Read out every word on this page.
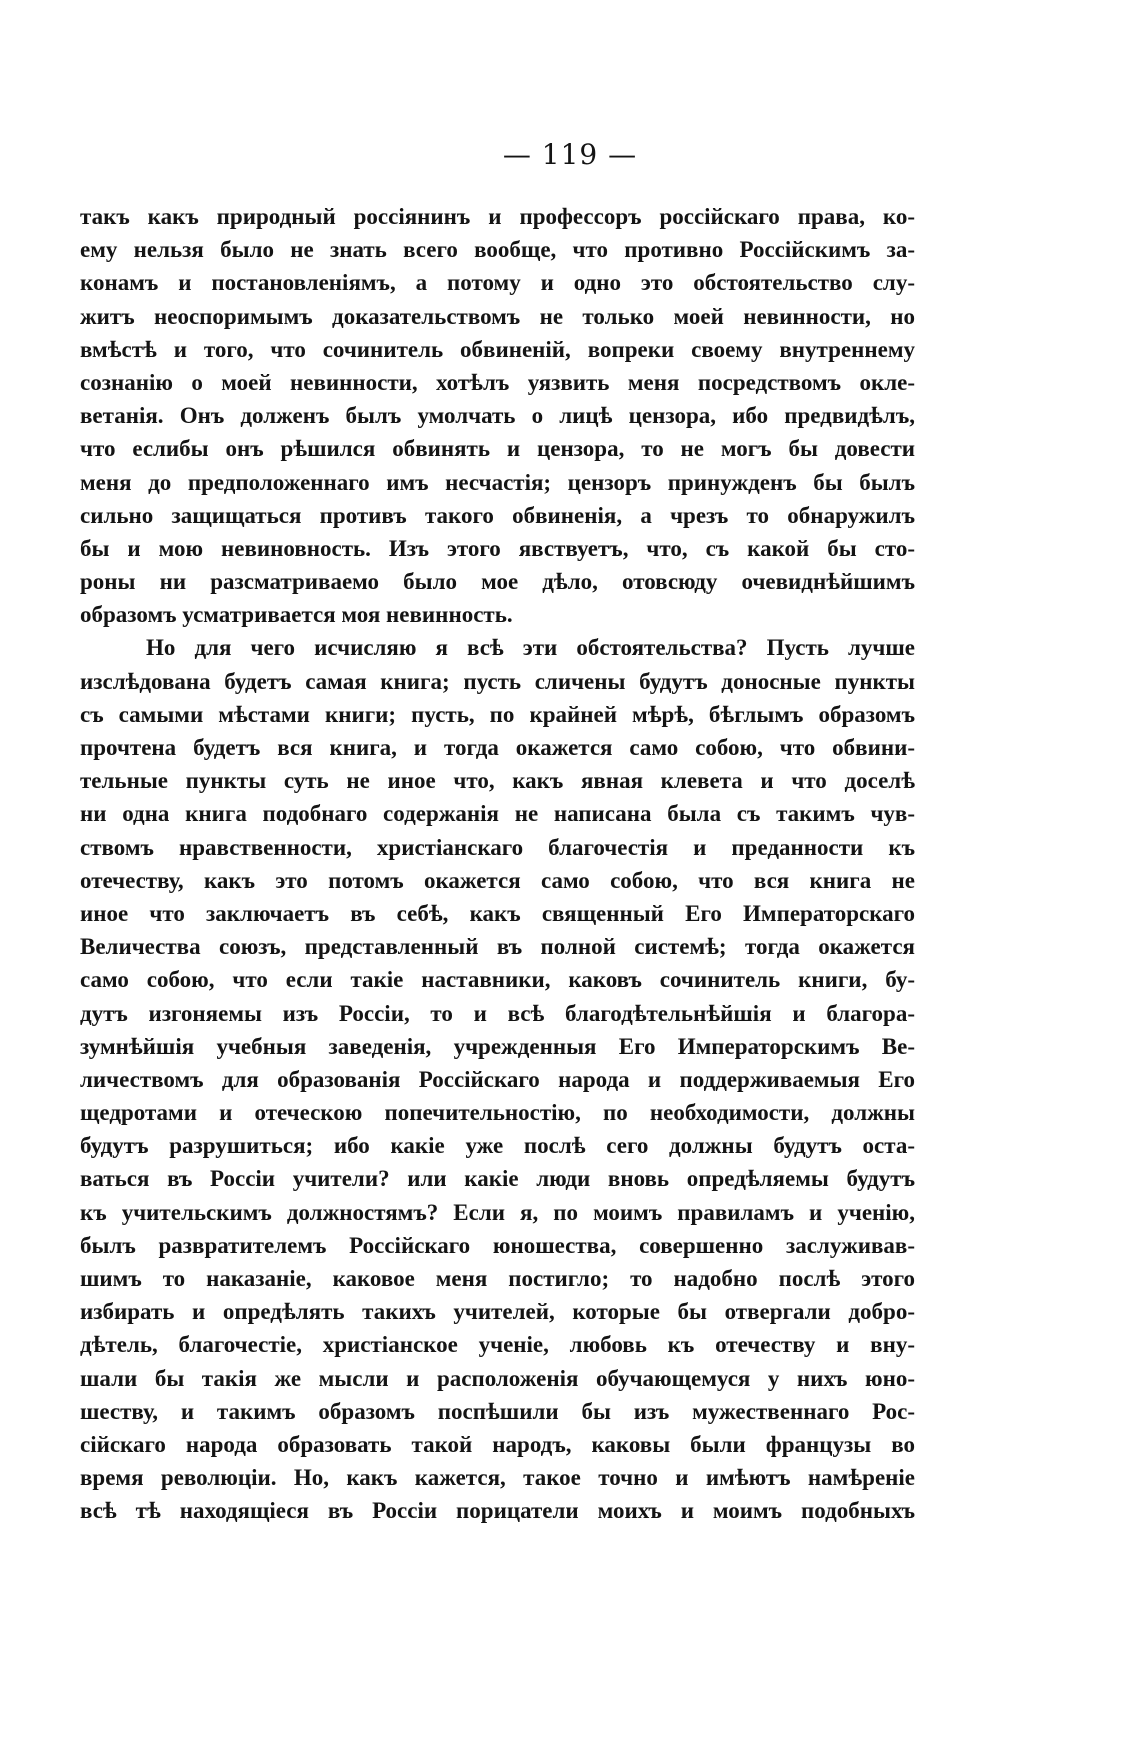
— 119 —
такъ какъ природный россіянинъ и профессоръ россійскаго права, ко-
ему нельзя было не знать всего вообще, что противно Россійскимъ за-
конамъ и постановленіямъ, а потому и одно это обстоятельство слу-
житъ неоспоримымъ доказательствомъ не только моей невинности, но
вмѣстѣ и того, что сочинитель обвиненій, вопреки своему внутреннему
сознанію о моей невинности, хотѣлъ уязвить меня посредствомъ окле-
ветанія. Онъ долженъ былъ умолчать о лицѣ цензора, ибо предвидѣлъ,
что еслибы онъ рѣшился обвинять и цензора, то не могъ бы довести
меня до предположеннаго имъ несчастія; цензоръ принужденъ бы былъ
сильно защищаться противъ такого обвиненія, а чрезъ то обнаружилъ
бы и мою невиновность. Изъ этого явствуетъ, что, съ какой бы сто-
роны ни разсматриваемо было мое дѣло, отовсюду очевиднѣйшимъ
образомъ усматривается моя невинность.
Но для чего исчисляю я всѣ эти обстоятельства? Пусть лучше
изслѣдована будетъ самая книга; пусть сличены будутъ доносные пункты
съ самыми мѣстами книги; пусть, по крайней мѣрѣ, бѣглымъ образомъ
прочтена будетъ вся книга, и тогда окажется само собою, что обвини-
тельные пункты суть не иное что, какъ явная клевета и что доселѣ
ни одна книга подобнаго содержанія не написана была съ такимъ чув-
ствомъ нравственности, христіанскаго благочестія и преданности къ
отечеству, какъ это потомъ окажется само собою, что вся книга не
иное что заключаетъ въ себѣ, какъ священный Его Императорскаго
Величества союзъ, представленный въ полной системѣ; тогда окажется
само собою, что если такіе наставники, каковъ сочинитель книги, бу-
дутъ изгоняемы изъ Россіи, то и всѣ благодѣтельнѣйшія и благора-
зумнѣйшія учебныя заведенія, учрежденныя Его Императорскимъ Ве-
личествомъ для образованія Россійскаго народа и поддерживаемыя Его
щедротами и отеческою попечительностію, по необходимости, должны
будутъ разрушиться; ибо какіе уже послѣ сего должны будутъ оста-
ваться въ Россіи учители? или какіе люди вновь опредѣляемы будутъ
къ учительскимъ должностямъ? Если я, по моимъ правиламъ и ученію,
былъ развратителемъ Россійскаго юношества, совершенно заслуживав-
шимъ то наказаніе, каковое меня постигло; то надобно послѣ этого
избирать и опредѣлять такихъ учителей, которые бы отвергали добро-
дѣтель, благочестіе, христіанское ученіе, любовь къ отечеству и вну-
шали бы такія же мысли и расположенія обучающемуся у нихъ юно-
шеству, и такимъ образомъ поспѣшили бы изъ мужественнаго Рос-
сійскаго народа образовать такой народъ, каковы были французы во
время революціи. Но, какъ кажется, такое точно и имѣютъ намѣреніе
всѣ тѣ находящіеся въ Россіи порицатели моихъ и моимъ подобныхъ
